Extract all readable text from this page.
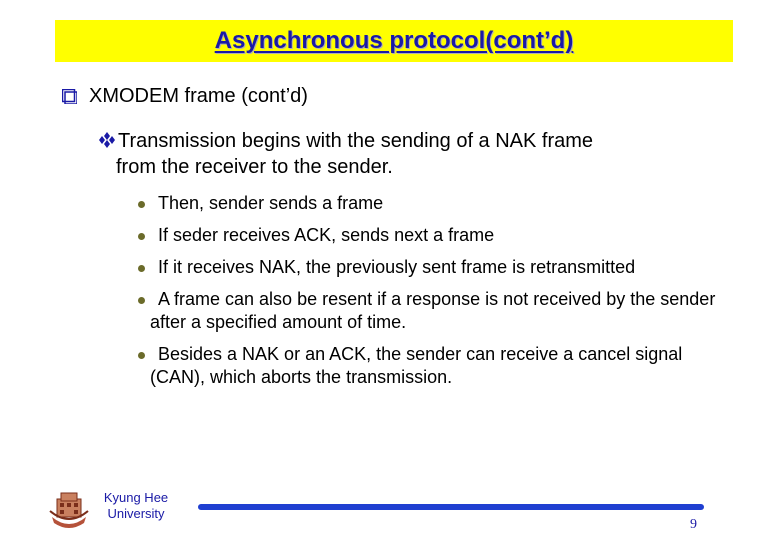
Asynchronous protocol(cont’d)
XMODEM frame (cont’d)
Transmission begins with the sending of a NAK frame
from the receiver to the sender.
Then, sender sends a frame
If seder receives ACK, sends next a frame
If it receives NAK, the previously sent frame is retransmitted
A frame can also be resent if a response is not received by the sender after a specified amount of time.
Besides a NAK or an ACK, the sender can receive a cancel signal (CAN), which aborts the transmission.
Kyung Hee
University
9
